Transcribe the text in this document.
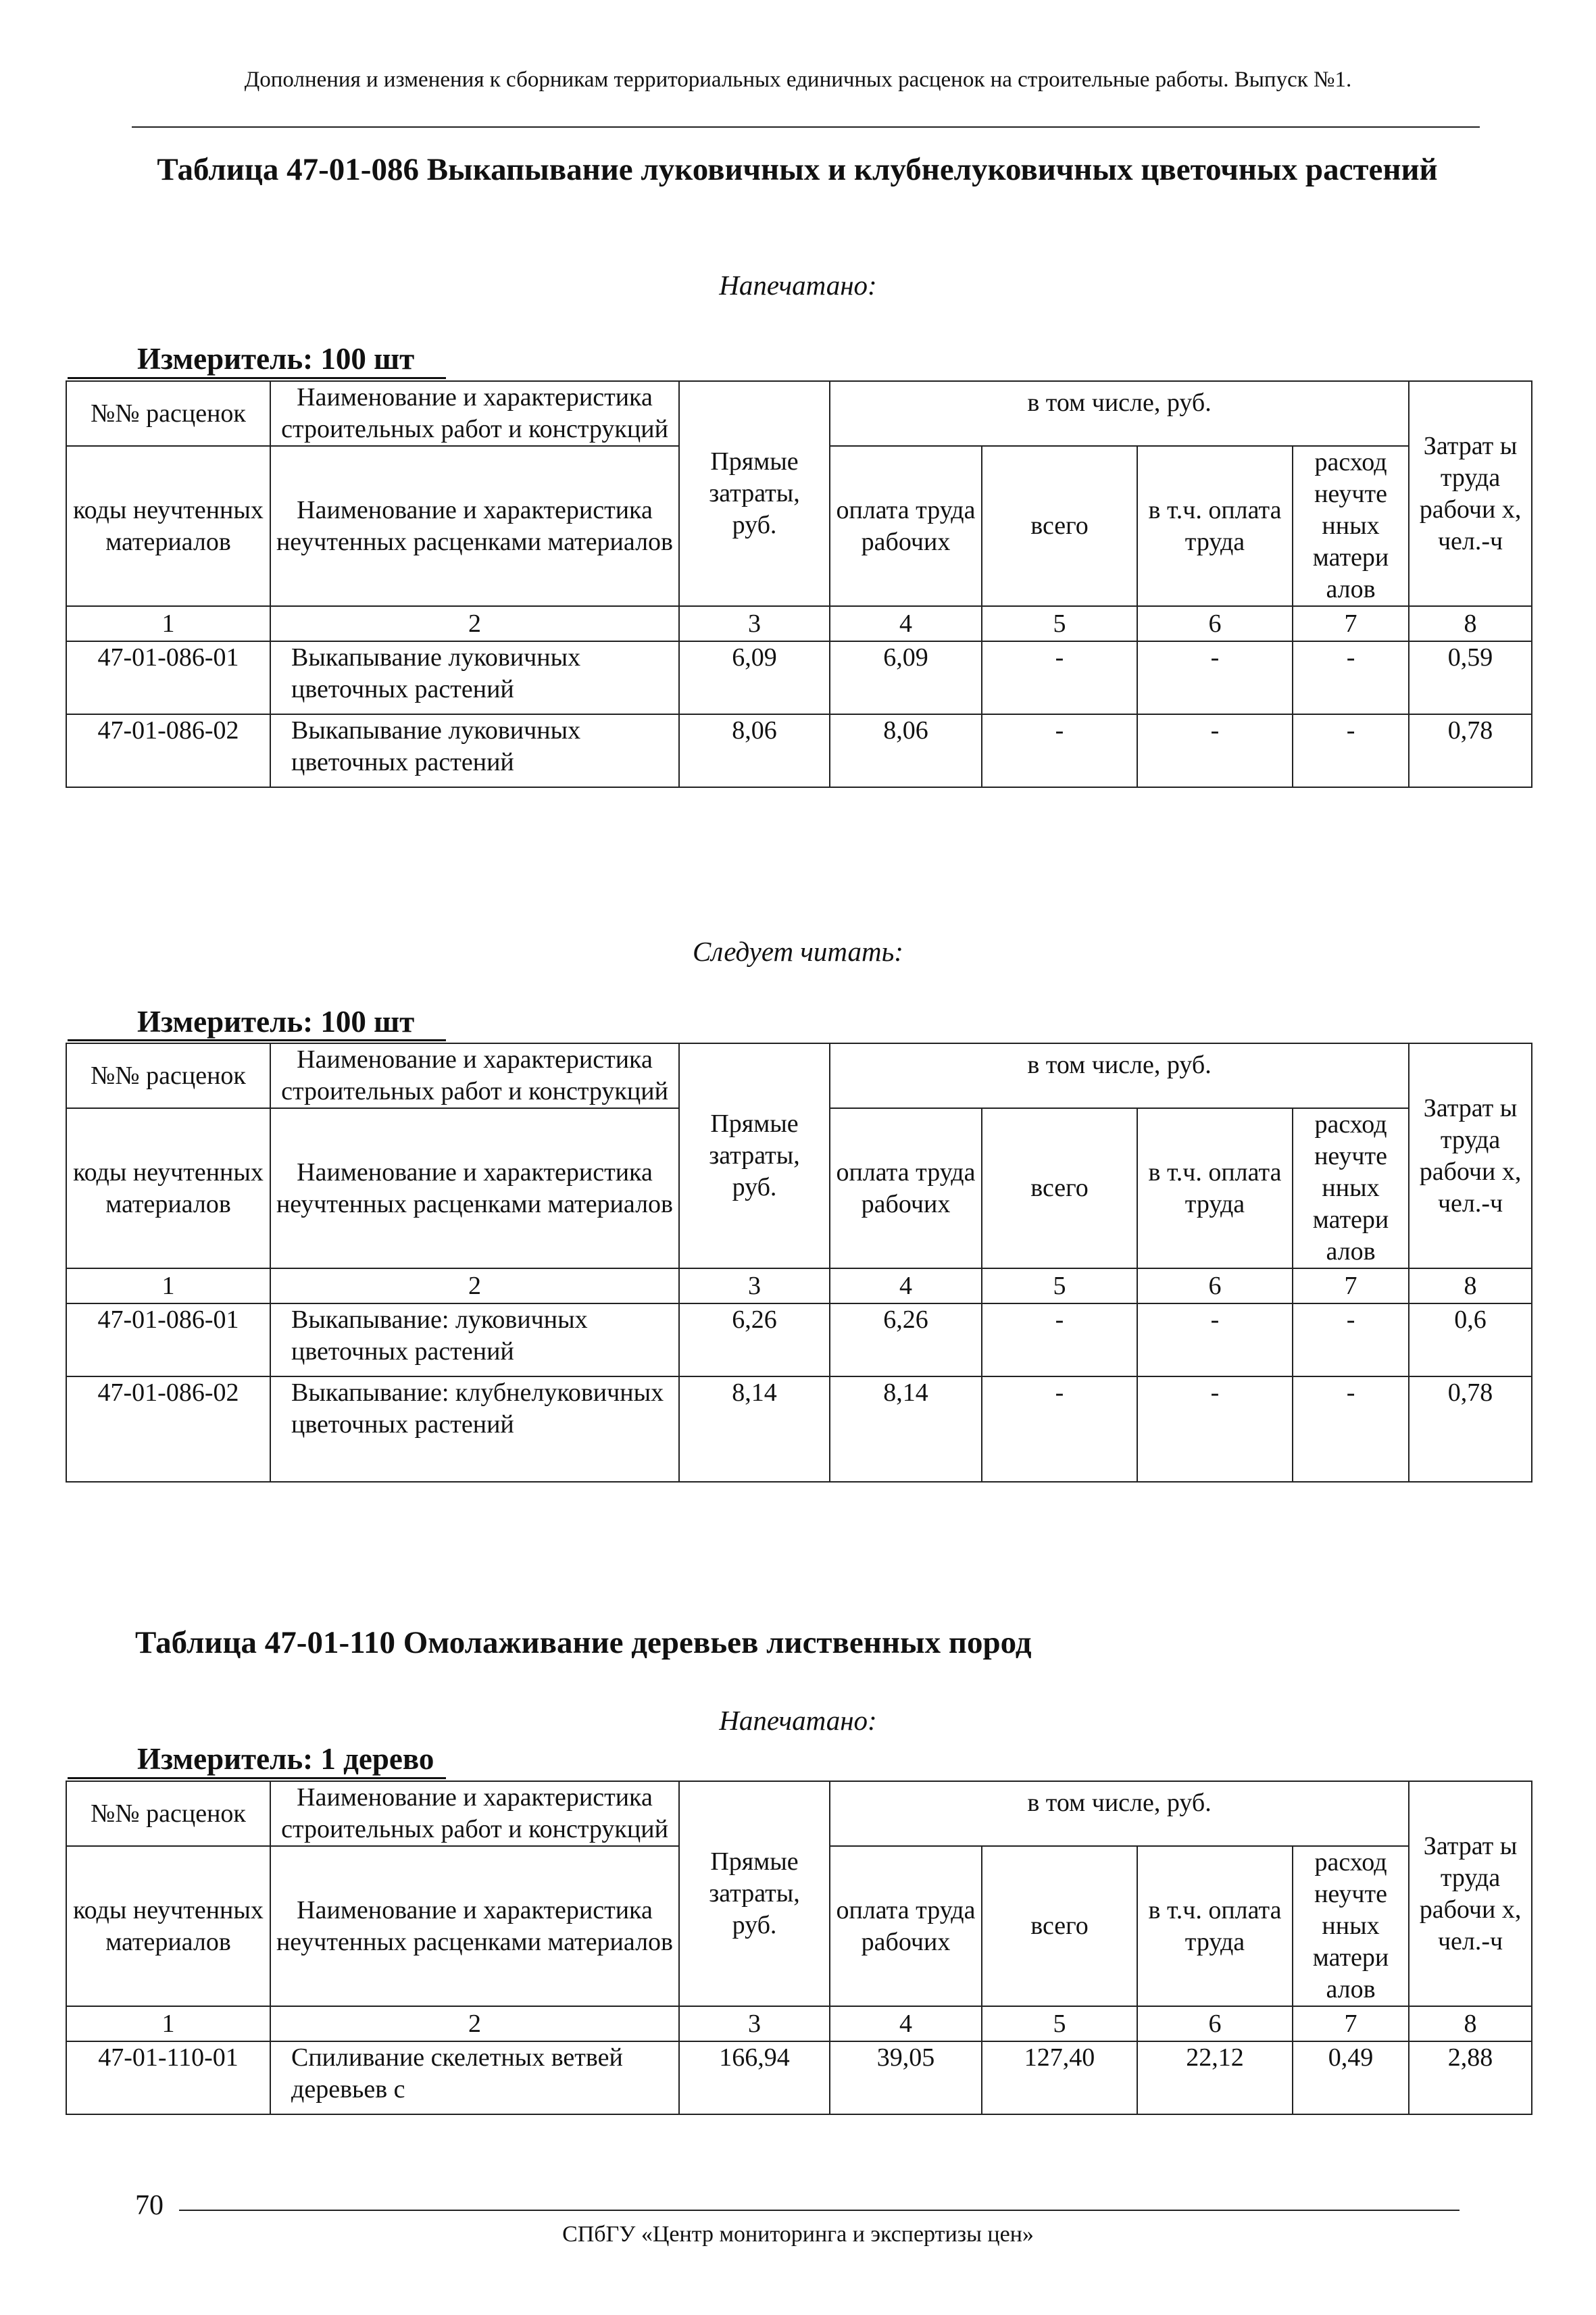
Дополнения и изменения к сборникам территориальных единичных расценок на строительные работы. Выпуск №1.
Таблица 47-01-086 Выкапывание луковичных и клубнелуковичных цветочных растений
Напечатано:
Измеритель: 100 шт
№№ расценок	Наименование и характеристика строительных работ и конструкций	Прямые затраты, руб.	в том числе, руб.				Затрат ы труда рабочи х, чел.-ч
коды неучтенных материалов	Наименование и характеристика неучтенных расценками материалов		оплата труда рабочих	всего	в т.ч. оплата труда	расход неучте нных матери алов	
1	2	3	4	5	6	7	8
47-01-086-01	Выкапывание луковичных цветочных растений	6,09	6,09	-	-	-	0,59
47-01-086-02	Выкапывание луковичных цветочных растений	8,06	8,06	-	-	-	0,78
Следует читать:
Измеритель: 100 шт
№№ расценок	Наименование и характеристика строительных работ и конструкций	Прямые затраты, руб.	в том числе, руб.				Затрат ы труда рабочи х, чел.-ч
коды неучтенных материалов	Наименование и характеристика неучтенных расценками материалов		оплата труда рабочих	всего	в т.ч. оплата труда	расход неучте нных матери алов	
1	2	3	4	5	6	7	8
47-01-086-01	Выкапывание: луковичных цветочных растений	6,26	6,26	-	-	-	0,6
47-01-086-02	Выкапывание: клубнелуковичных цветочных растений	8,14	8,14	-	-	-	0,78
Таблица 47-01-110 Омолаживание деревьев лиственных пород
Напечатано:
Измеритель: 1 дерево
№№ расценок	Наименование и характеристика строительных работ и конструкций	Прямые затраты, руб.	в том числе, руб.				Затрат ы труда рабочи х, чел.-ч
коды неучтенных материалов	Наименование и характеристика неучтенных расценками материалов		оплата труда рабочих	всего	в т.ч. оплата труда	расход неучте нных матери алов	
1	2	3	4	5	6	7	8
47-01-110-01	Спиливание скелетных ветвей деревьев с	166,94	39,05	127,40	22,12	0,49	2,88
70
СПбГУ «Центр мониторинга и экспертизы цен»
